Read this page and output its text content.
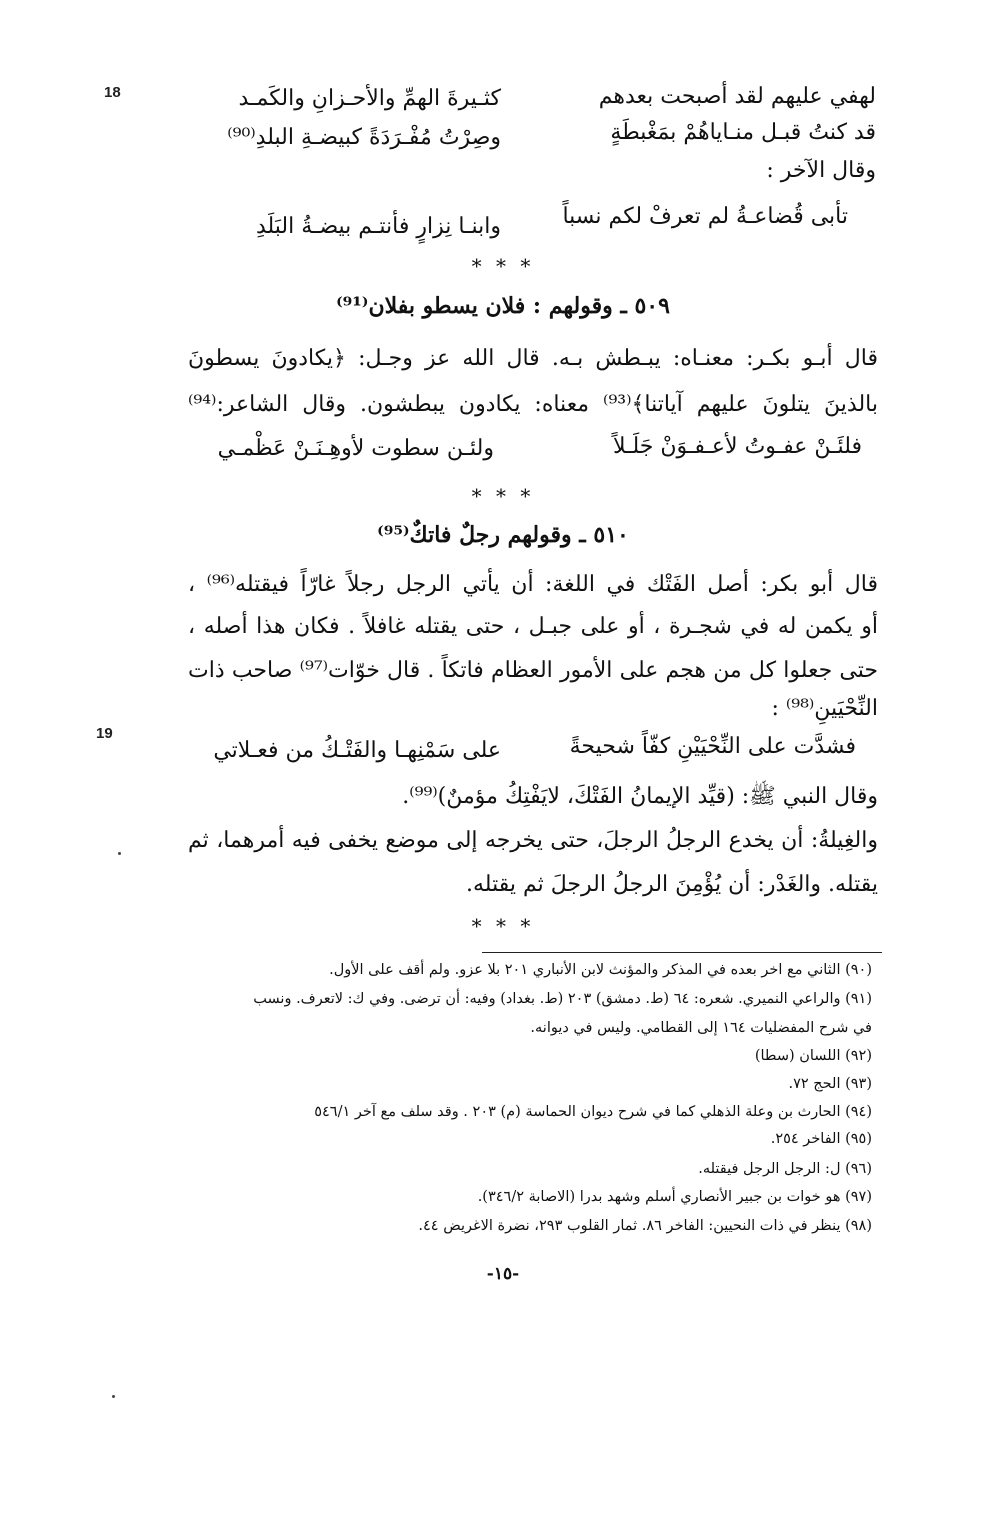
18
19
لهفي عليهم لقد أصبحت بعدهم
كثـيرةَ الهمِّ والأحـزانِ والكَمـد
قد كنتُ قبـل منـاياهُمْ بمَغْبطَةٍ
وصِرْتُ مُفْـرَدَةً كبيضـةِ البلدِ⁽⁹⁰⁾
وقال الآخر :
تأبى قُضاعـةُ لم تعرفْ لكم نسباً
وابنـا نِزارٍ فأنتـم بيضـةُ البَلَدِ
* * *
٥٠٩ ـ وقولهم : فلان يسطو بفلان⁽⁹¹⁾
قال أبـو بكـر: معنـاه: يبـطش بـه. قال الله عز وجـل: ﴿يكادونَ يسطونَ
بالذينَ يتلونَ عليهم آياتنا﴾⁽⁹³⁾ معناه: يكادون يبطشون. وقال الشاعر:⁽⁹⁴⁾
فلئَـنْ عفـوتُ لأعـفـوَنْ جَلَـلاً
ولئـن سطوت لأوهِـنَـنْ عَظْمـي
* * *
٥١٠ ـ وقولهم رجلٌ فاتكٌ⁽⁹⁵⁾
قال أبو بكر: أصل الفَتْك في اللغة: أن يأتي الرجل رجلاً غارّاً فيقتله⁽⁹⁶⁾ ،
أو يكمن له في شجـرة ، أو على جبـل ، حتى يقتله غافلاً . فكان هذا أصله ،
حتى جعلوا كل من هجم على الأمور العظام فاتكاً . قال خوّات⁽⁹⁷⁾ صاحب ذات
النِّحْيَينِ⁽⁹⁸⁾ :
فشدَّت على النِّحْيَيْنِ كفّاً شحيحةً
على سَمْنِهـا والفَتْـكُ من فعـلاتي
وقال النبي ﷺ: (قيِّد الإيمانُ الفَتْكَ، لايَفْتِكُ مؤمنٌ)⁽⁹⁹⁾.
والغِيلةُ: أن يخدع الرجلُ الرجلَ، حتى يخرجه إلى موضع يخفى فيه أمرهما، ثم
يقتله. والغَدْر: أن يُؤْمِنَ الرجلُ الرجلَ ثم يقتله.
* * *
(٩٠) الثاني مع اخر بعده في المذكر والمؤنث لابن الأنباري ٢٠١ بلا عزو. ولم أقف على الأول.
(٩١) والراعي النميري. شعره: ٦٤ (ط. دمشق) ٢٠٣ (ط. بغداد) وفيه: أن ترضى. وفي ك: لاتعرف. ونسب
في شرح المفضليات ١٦٤ إلى القطامي. وليس في ديوانه.
(٩٢) اللسان (سطا)
(٩٣) الحج ٧٢.
(٩٤) الحارث بن وعلة الذهلي كما في شرح ديوان الحماسة (م) ٢٠٣ . وقد سلف مع آخر ٥٤٦/١
(٩٥) الفاخر ٢٥٤.
(٩٦) ل: الرجل الرجل فيقتله.
(٩٧) هو خوات بن جبير الأنصاري أسلم وشهد بدرا (الاصابة ٣٤٦/٢).
(٩٨) ينظر في ذات النحيين: الفاخر ٨٦. ثمار القلوب ٢٩٣، نضرة الاغريض ٤٤.
-١٥-
